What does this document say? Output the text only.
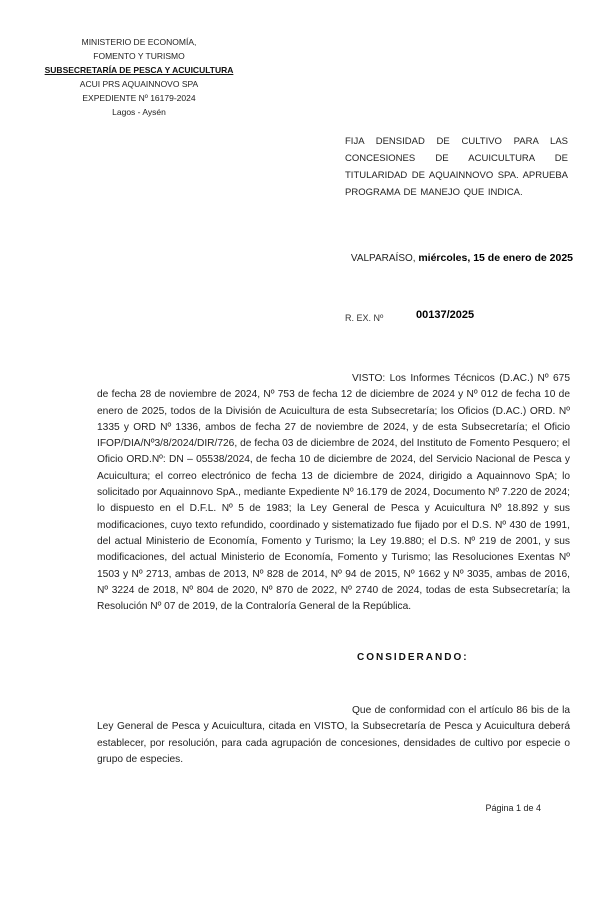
MINISTERIO DE ECONOMÍA,
FOMENTO Y TURISMO
SUBSECRETARÍA DE PESCA Y ACUICULTURA
ACUI PRS AQUAINNOVO SPA
EXPEDIENTE Nº 16179-2024
Lagos - Aysén
FIJA DENSIDAD DE CULTIVO PARA LAS CONCESIONES DE ACUICULTURA DE TITULARIDAD DE AQUAINNOVO SPA. APRUEBA PROGRAMA DE MANEJO QUE INDICA.
VALPARAÍSO, miércoles, 15 de enero de 2025
R. EX. Nº	00137/2025
VISTO: Los Informes Técnicos (D.AC.) Nº 675 de fecha 28 de noviembre de 2024, Nº 753 de fecha 12 de diciembre de 2024 y Nº 012 de fecha 10 de enero de 2025, todos de la División de Acuicultura de esta Subsecretaría; los Oficios (D.AC.) ORD. Nº 1335 y ORD Nº 1336, ambos de fecha 27 de noviembre de 2024, y de esta Subsecretaría; el Oficio IFOP/DIA/Nº3/8/2024/DIR/726, de fecha 03 de diciembre de 2024, del Instituto de Fomento Pesquero; el Oficio ORD.Nº: DN – 05538/2024, de fecha 10 de diciembre de 2024, del Servicio Nacional de Pesca y Acuicultura; el correo electrónico de fecha 13 de diciembre de 2024, dirigido a Aquainnovo SpA; lo solicitado por Aquainnovo SpA., mediante Expediente Nº 16.179 de 2024, Documento Nº 7.220 de 2024; lo dispuesto en el D.F.L. Nº 5 de 1983; la Ley General de Pesca y Acuicultura Nº 18.892 y sus modificaciones, cuyo texto refundido, coordinado y sistematizado fue fijado por el D.S. Nº 430 de 1991, del actual Ministerio de Economía, Fomento y Turismo; la Ley 19.880; el D.S. Nº 219 de 2001, y sus modificaciones, del actual Ministerio de Economía, Fomento y Turismo; las Resoluciones Exentas Nº 1503 y Nº 2713, ambas de 2013, Nº 828 de 2014, Nº 94 de 2015, Nº 1662 y Nº 3035, ambas de 2016, Nº 3224 de 2018, Nº 804 de 2020, Nº 870 de 2022, Nº 2740 de 2024, todas de esta Subsecretaría; la Resolución Nº 07 de 2019, de la Contraloría General de la República.
CONSIDERANDO:
Que de conformidad con el artículo 86 bis de la Ley General de Pesca y Acuicultura, citada en VISTO, la Subsecretaría de Pesca y Acuicultura deberá establecer, por resolución, para cada agrupación de concesiones, densidades de cultivo por especie o grupo de especies.
Página 1 de 4
